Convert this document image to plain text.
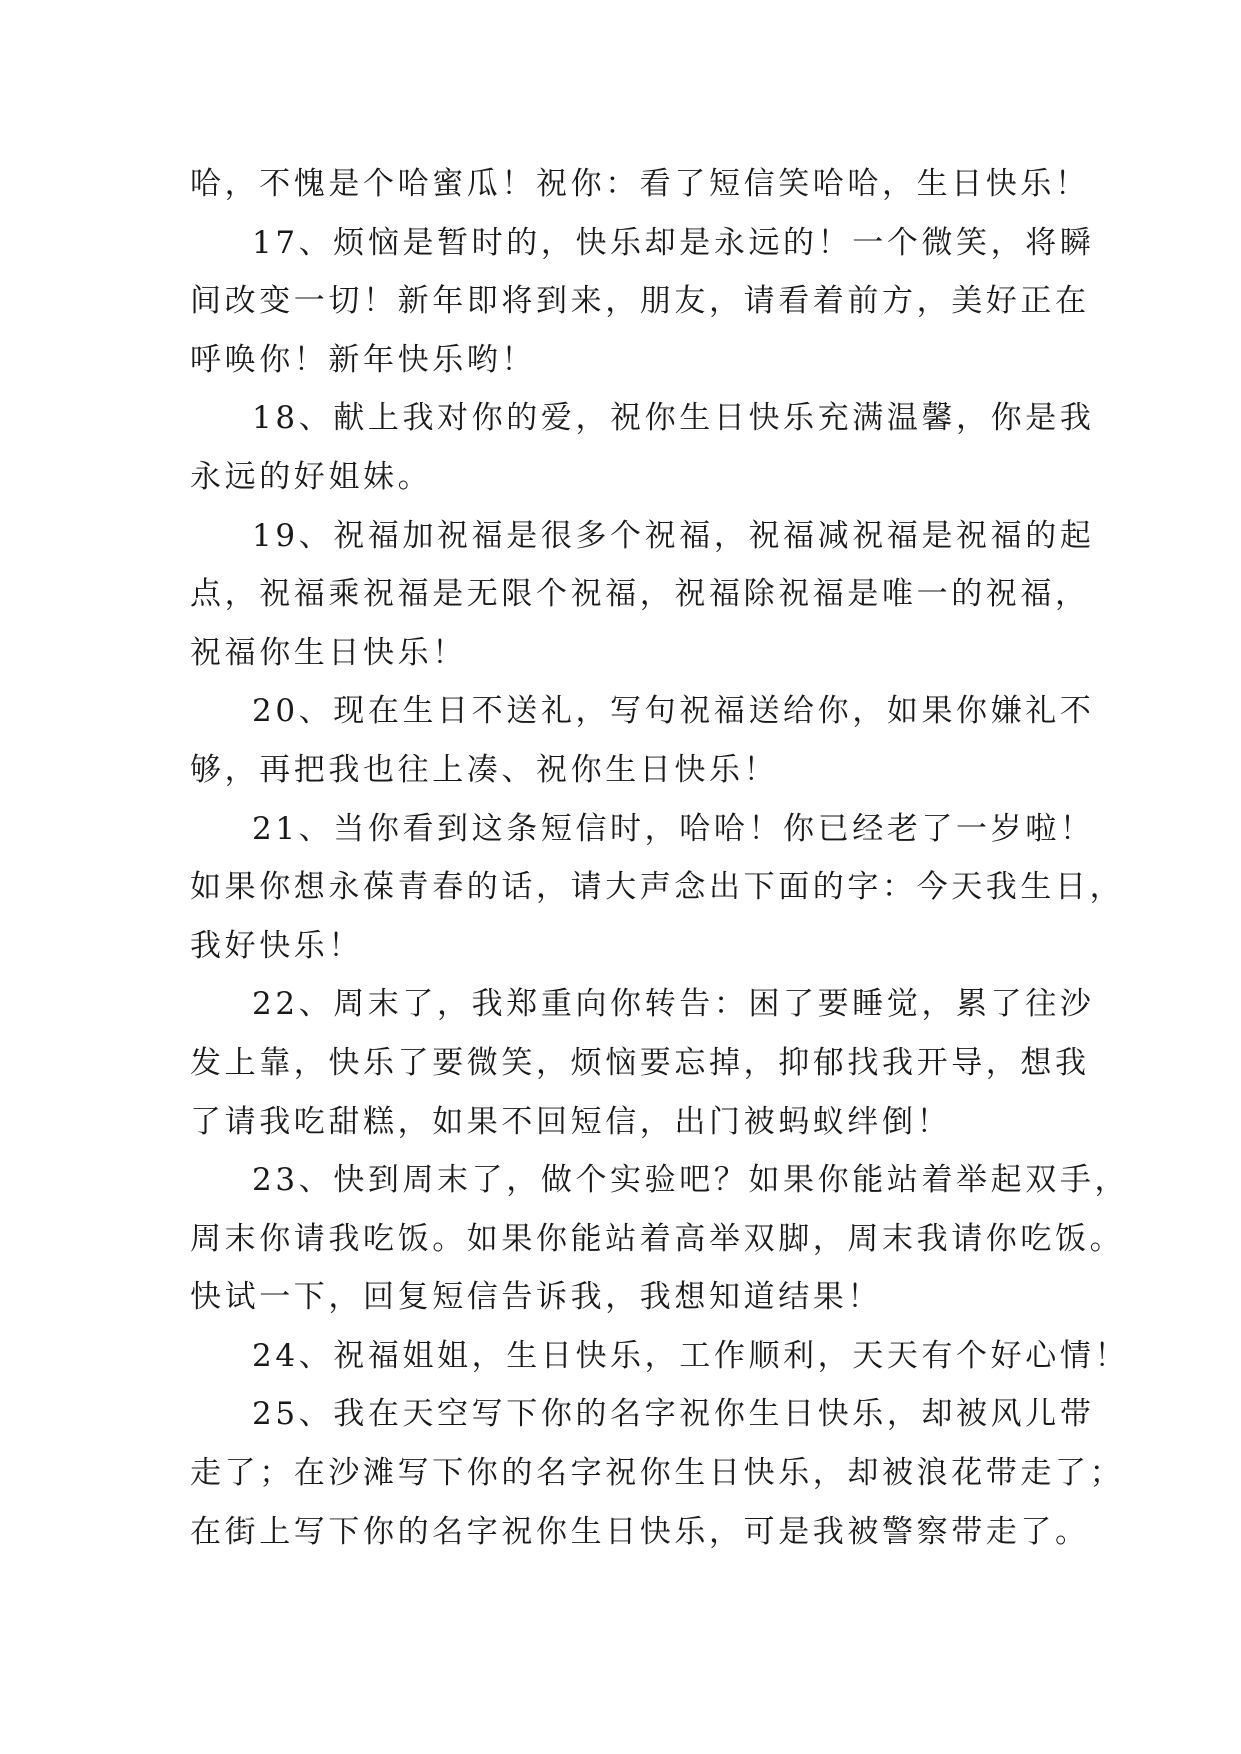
哈，不愧是个哈蜜瓜！祝你：看了短信笑哈哈，生日快乐！
17、烦恼是暂时的，快乐却是永远的！一个微笑，将瞬
间改变一切！新年即将到来，朋友，请看着前方，美好正在
呼唤你！新年快乐哟！
18、献上我对你的爱，祝你生日快乐充满温馨，你是我
永远的好姐妹。
19、祝福加祝福是很多个祝福，祝福减祝福是祝福的起
点，祝福乘祝福是无限个祝福，祝福除祝福是唯一的祝福，
祝福你生日快乐！
20、现在生日不送礼，写句祝福送给你，如果你嫌礼不
够，再把我也往上凑、祝你生日快乐！
21、当你看到这条短信时，哈哈！你已经老了一岁啦！
如果你想永葆青春的话，请大声念出下面的字：今天我生日，
我好快乐！
22、周末了，我郑重向你转告：困了要睡觉，累了往沙
发上靠，快乐了要微笑，烦恼要忘掉，抑郁找我开导，想我
了请我吃甜糕，如果不回短信，出门被蚂蚁绊倒！
23、快到周末了，做个实验吧？如果你能站着举起双手，
周末你请我吃饭。如果你能站着高举双脚，周末我请你吃饭。
快试一下，回复短信告诉我，我想知道结果！
24、祝福姐姐，生日快乐，工作顺利，天天有个好心情！
25、我在天空写下你的名字祝你生日快乐，却被风儿带
走了；在沙滩写下你的名字祝你生日快乐，却被浪花带走了；
在街上写下你的名字祝你生日快乐，可是我被警察带走了。
